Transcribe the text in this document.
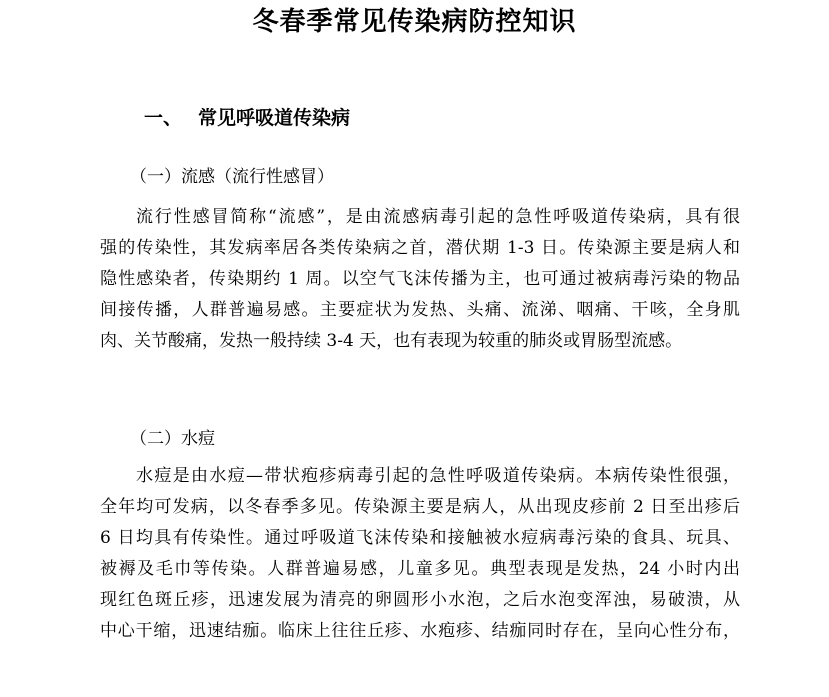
冬春季常见传染病防控知识
一、 常见呼吸道传染病
（一）流感（流行性感冒）
流行性感冒简称“流感”，是由流感病毒引起的急性呼吸道传染病，具有很
强的传染性，其发病率居各类传染病之首，潜伏期 1-3 日。传染源主要是病人和
隐性感染者，传染期约 1 周。以空气飞沫传播为主，也可通过被病毒污染的物品
间接传播，人群普遍易感。主要症状为发热、头痛、流涕、咽痛、干咳，全身肌
肉、关节酸痛，发热一般持续 3-4 天，也有表现为较重的肺炎或胃肠型流感。
（二）水痘
水痘是由水痘—带状疱疹病毒引起的急性呼吸道传染病。本病传染性很强，
全年均可发病，以冬春季多见。传染源主要是病人，从出现皮疹前 2 日至出疹后
6 日均具有传染性。通过呼吸道飞沫传染和接触被水痘病毒污染的食具、玩具、
被褥及毛巾等传染。人群普遍易感，儿童多见。典型表现是发热，24 小时内出
现红色斑丘疹，迅速发展为清亮的卵圆形小水泡，之后水泡变浑浊，易破溃，从
中心干缩，迅速结痂。临床上往往丘疹、水疱疹、结痂同时存在，呈向心性分布，
